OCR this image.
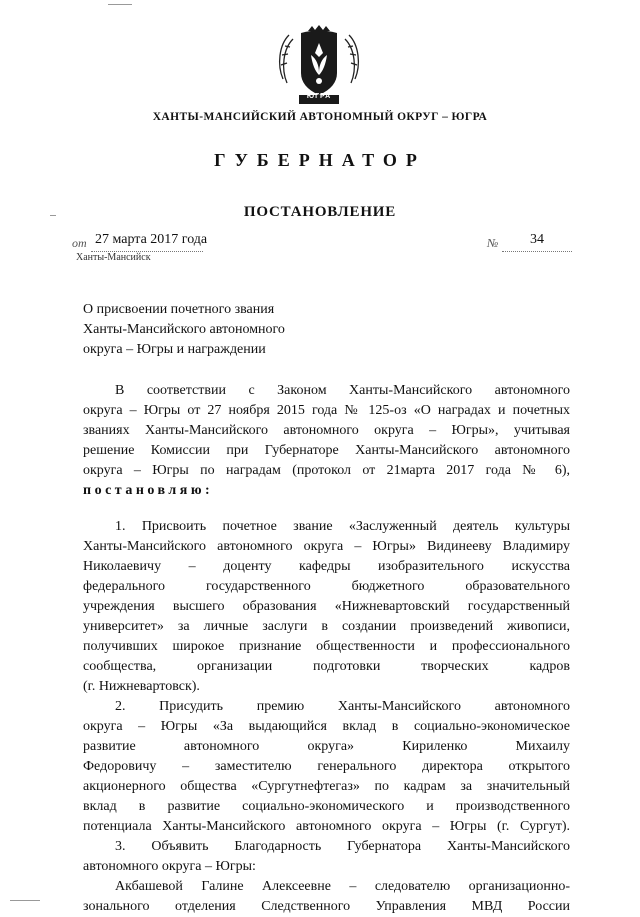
ЮГРА
ХАНТЫ-МАНСИЙСКИЙ АВТОНОМНЫЙ ОКРУГ – ЮГРА
ГУБЕРНАТОР
ПОСТАНОВЛЕНИЕ
от 27 марта 2017 года	№ 34
Ханты-Мансийск
О присвоении почетного звания
Ханты-Мансийского автономного
округа – Югры и награждении
В соответствии с Законом Ханты-Мансийского автономного
округа – Югры от 27 ноября 2015 года № 125-оз «О наградах и почетных
званиях Ханты-Мансийского автономного округа – Югры», учитывая
решение Комиссии при Губернаторе Ханты-Мансийского автономного
округа – Югры по наградам (протокол от 21марта 2017 года № 6),
постановляю:
1. Присвоить почетное звание «Заслуженный деятель культуры
Ханты-Мансийского автономного округа – Югры» Видинееву Владимиру
Николаевичу – доценту кафедры изобразительного искусства
федерального государственного бюджетного образовательного
учреждения высшего образования «Нижневартовский государственный
университет» за личные заслуги в создании произведений живописи,
получивших широкое признание общественности и профессионального
сообщества, организации подготовки творческих кадров
(г. Нижневартовск).
2. Присудить премию Ханты-Мансийского автономного
округа – Югры «За выдающийся вклад в социально-экономическое
развитие автономного округа» Кириленко Михаилу
Федоровичу – заместителю генерального директора открытого
акционерного общества «Сургутнефтегаз» по кадрам за значительный
вклад в развитие социально-экономического и производственного
потенциала Ханты-Мансийского автономного округа – Югры (г. Сургут).
3. Объявить Благодарность Губернатора Ханты-Мансийского
автономного округа – Югры:
Акбашевой Галине Алексеевне – следователю организационно-
зонального отделения Следственного Управления МВД России
